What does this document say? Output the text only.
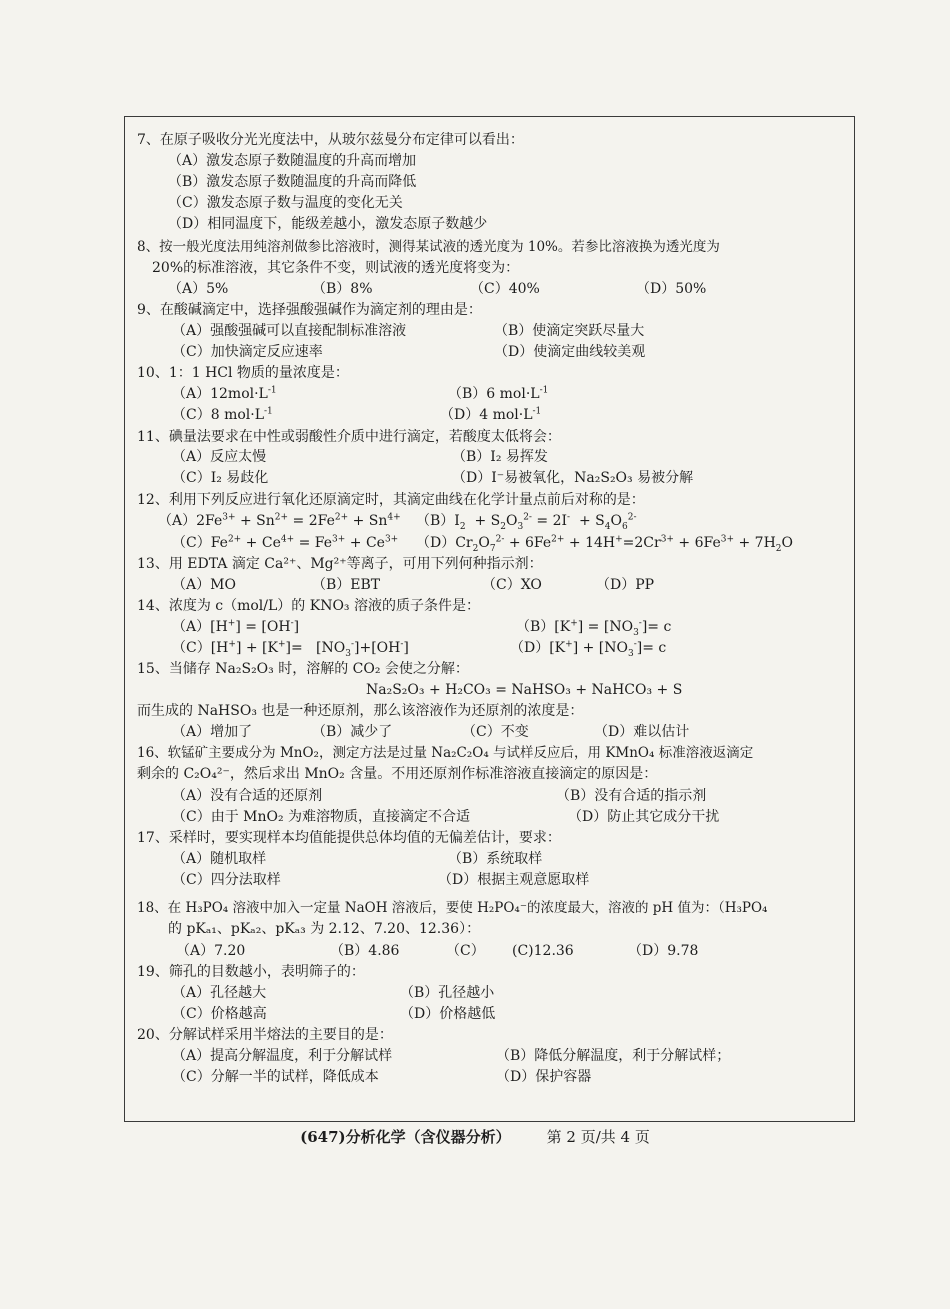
7、在原子吸收分光光度法中，从玻尔兹曼分布定律可以看出：
（A）激发态原子数随温度的升高而增加
（B）激发态原子数随温度的升高而降低
（C）激发态原子数与温度的变化无关
（D）相同温度下，能级差越小，激发态原子数越少
8、按一般光度法用纯溶剂做参比溶液时，测得某试液的透光度为 10%。若参比溶液换为透光度为
20%的标准溶液，其它条件不变，则试液的透光度将变为：
（A）5%	（B）8%	（C）40%	（D）50%
9、在酸碱滴定中，选择强酸强碱作为滴定剂的理由是：
（A）强酸强碱可以直接配制标准溶液	（B）使滴定突跃尽量大
（C）加快滴定反应速率	（D）使滴定曲线较美观
10、1：1 HCl 物质的量浓度是：
$(A)12mol\cdot L^{-1}$	（B）6 $mol\cdot L^{-1}$
（C）8 $mol\cdot L^{-1}$	（D）4 $mol\cdot L^{-1}$
11、碘量法要求在中性或弱酸性介质中进行滴定，若酸度太低将会：
（A）反应太慢	（B）I₂ 易挥发
（C）I₂ 易歧化	（D）I⁻易被氧化，Na₂S₂O₃ 易被分解
12、利用下列反应进行氧化还原滴定时，其滴定曲线在化学计量点前后对称的是：
$(A)2Fe^{3+} + Sn^{2+} = 2Fe^{2+} + Sn^{4+}$ $(B)I_2 + S_2O_3^{2-} = 2I^- + S_4O_6^{2-}$
$(C)Fe^{2+} + Ce^{4+} = Fe^{3+} + Ce^{3+}$ $(D)Cr_2O_7^{2-} + 6Fe^{2+} + 14H^+=2Cr^{3+} + 6Fe^{3+} + 7H_2O$
13、用 EDTA 滴定 Ca²⁺、Mg²⁺等离子，可用下列何种指示剂：
（A）MO	（B）EBT	（C）XO	（D）PP
14、浓度为 c（mol/L）的 KNO₃ 溶液的质子条件是：
（A）[H+] = [OH-]	$(B)[K^+] = [NO_3^-]= c$
$(C)[H^+] + [K^+]= [NO_3^-]+[OH^-]$	$(D)[K^+] + [NO_3^-]= c$
15、当储存 Na₂S₂O₃ 时，溶解的 CO₂ 会使之分解：
Na₂S₂O₃ + H₂CO₃ = NaHSO₃ + NaHCO₃ + S
而生成的 NaHSO₃ 也是一种还原剂，那么该溶液作为还原剂的浓度是：
（A）增加了	（B）减少了	（C）不变	（D）难以估计
16、软锰矿主要成分为 MnO₂，测定方法是过量 Na₂C₂O₄ 与试样反应后，用 KMnO₄ 标准溶液返滴定
剩余的 C₂O₄²⁻，然后求出 MnO₂ 含量。不用还原剂作标准溶液直接滴定的原因是：
（A）没有合适的还原剂	（B）没有合适的指示剂
（C）由于 MnO₂ 为难溶物质，直接滴定不合适	（D）防止其它成分干扰
17、采样时，要实现样本均值能提供总体均值的无偏差估计，要求：
（A）随机取样	（B）系统取样
（C）四分法取样	（D）根据主观意愿取样
18、在 H₃PO₄ 溶液中加入一定量 NaOH 溶液后，要使 H₂PO₄⁻的浓度最大，溶液的 pH 值为：（H₃PO₄
的 pKₐ₁、pKₐ₂、pKₐ₃ 为 2.12、7.20、12.36）：
（A）7.20	（B）4.86	（C） (C)12.36	（D）9.78
19、筛孔的目数越小，表明筛子的：
（A）孔径越大	（B）孔径越小
（C）价格越高	（D）价格越低
20、分解试样采用半熔法的主要目的是：
（A）提高分解温度，利于分解试样	（B）降低分解温度，利于分解试样；
（C）分解一半的试样，降低成本	（D）保护容器
(647)分析化学（含仪器分析） 第 2 页/共 4 页
